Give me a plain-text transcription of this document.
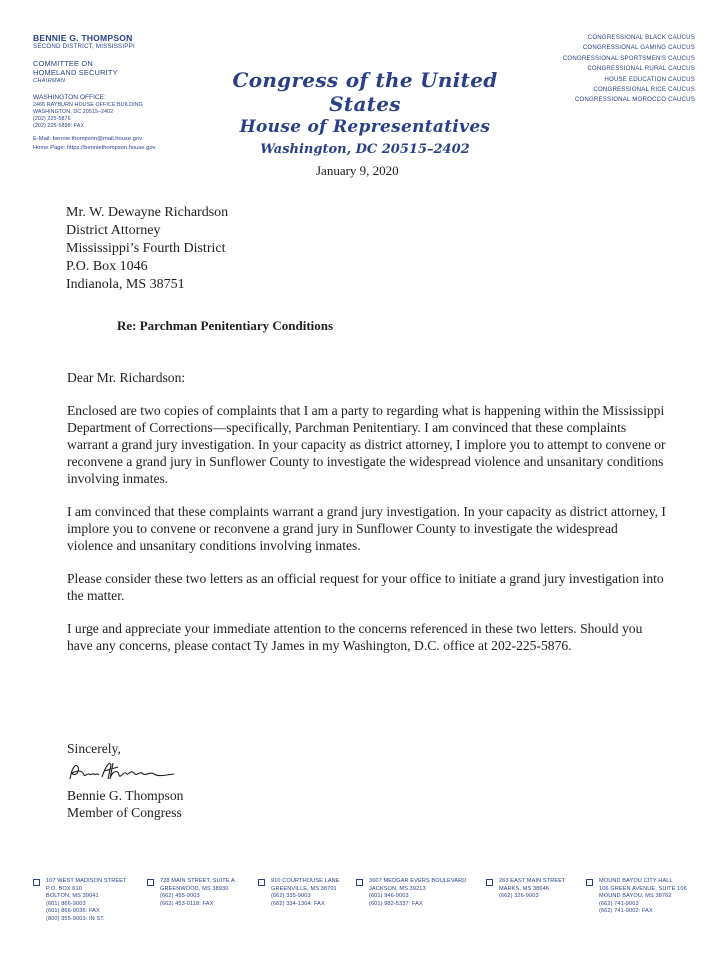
BENNIE G. THOMPSON
SECOND DISTRICT, MISSISSIPPI
COMMITTEE ON
HOMELAND SECURITY
CHAIRMAN
WASHINGTON OFFICE:
2466 RAYBURN HOUSE OFFICE BUILDING
WASHINGTON, DC 20515–2402
(202) 225-5876
(202) 225-5898: FAX
E-Mail: bennie.thompson@mail.house.gov
Home Page: https://benniethompson.house.gov
Congress of the United States
House of Representatives
Washington, DC 20515–2402
CONGRESSIONAL BLACK CAUCUS
CONGRESSIONAL GAMING CAUCUS
CONGRESSIONAL SPORTSMEN'S CAUCUS
CONGRESSIONAL RURAL CAUCUS
HOUSE EDUCATION CAUCUS
CONGRESSIONAL RICE CAUCUS
CONGRESSIONAL MOROCCO CAUCUS
January 9, 2020
Mr. W. Dewayne Richardson
District Attorney
Mississippi’s Fourth District
P.O. Box 1046
Indianola, MS 38751
Re: Parchman Penitentiary Conditions

Dear Mr. Richardson:

Enclosed are two copies of complaints that I am a party to regarding what is happening within the Mississippi Department of Corrections—specifically, Parchman Penitentiary. I am convinced that these complaints warrant a grand jury investigation. In your capacity as district attorney, I implore you to attempt to convene or reconvene a grand jury in Sunflower County to investigate the widespread violence and unsanitary conditions involving inmates.

I am convinced that these complaints warrant a grand jury investigation. In your capacity as district attorney, I implore you to convene or reconvene a grand jury in Sunflower County to investigate the widespread violence and unsanitary conditions involving inmates.

Please consider these two letters as an official request for your office to initiate a grand jury investigation into the matter.

I urge and appreciate your immediate attention to the concerns referenced in these two letters. Should you have any concerns, please contact Ty James in my Washington, D.C. office at 202-225-5876.

Sincerely,
Bennie G. Thompson
Member of Congress
107 WEST MADISON STREET
P.O. BOX 610
BOLTON, MS 39041
(601) 866-9003
(601) 866-9036: FAX
(800) 355-9003: IN ST.
728 MAIN STREET, SUITE A
GREENWOOD, MS 38930
(662) 455-9003
(662) 453-0118: FAX
910 COURTHOUSE LANE
GREENVILLE, MS 38701
(662) 335-9003
(662) 334-1304: FAX
3607 MEDGAR EVERS BOULEVARD
JACKSON, MS 39213
(601) 946-9003
(601) 982-5337: FAX
263 EAST MAIN STREET
MARKS, MS 38646
(662) 326-9003
MOUND BAYOU CITY HALL
106 GREEN AVENUE, SUITE 106
MOUND BAYOU, MS 38762
(662) 741-9003
(662) 741-9002: FAX
